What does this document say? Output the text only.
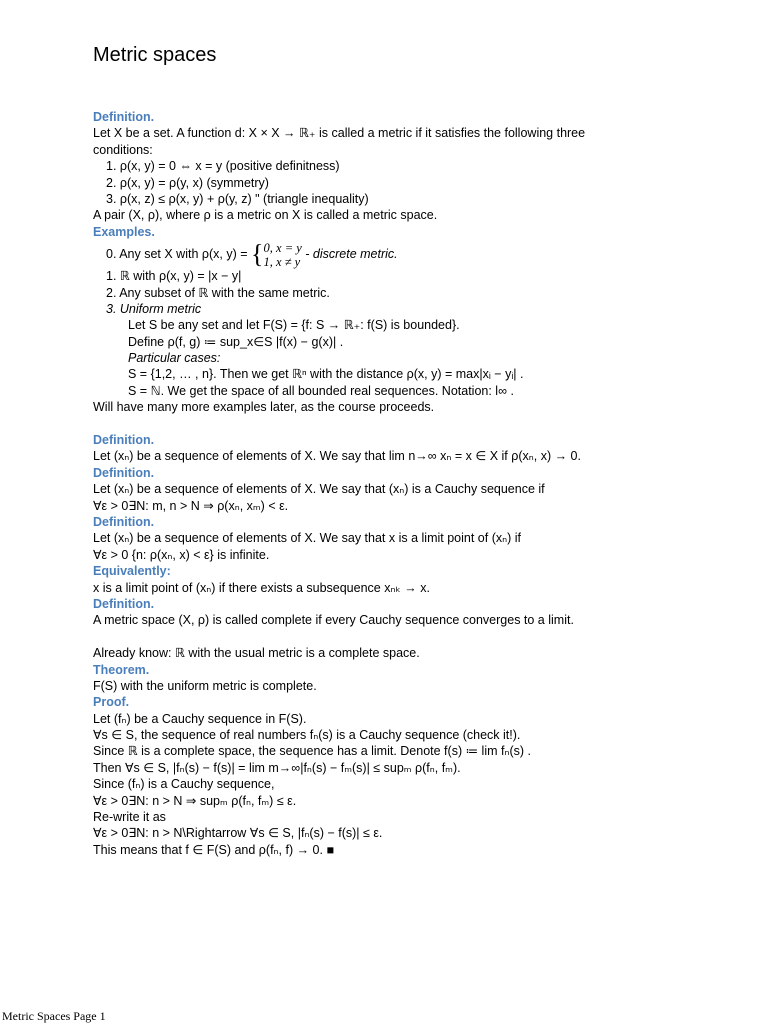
Metric spaces
Definition.
Let X be a set. A function d: X × X → ℝ₊ is called a metric if it satisfies the following three
conditions:
1. ρ(x, y) = 0 ⇔ x = y (positive definitness)
2. ρ(x, y) = ρ(y, x) (symmetry)
3. ρ(x, z) ≤ ρ(x, y) + ρ(y, z) " (triangle inequality)
A pair (X, ρ), where ρ is a metric on X is called a metric space.
Examples.
0. Any set X with ρ(x, y) = {0, x = y
1, x ≠ y - discrete metric.
1. ℝ with ρ(x, y) = |x − y|
2. Any subset of ℝ with the same metric.
3. Uniform metric
Let S be any set and let F(S) = {f: S → ℝ₊: f(S) is bounded}.
Define ρ(f, g) ≔ sup_x∈S |f(x) − g(x)| .
Particular cases:
S = {1,2, … , n}. Then we get ℝⁿ with the distance ρ(x, y) = max|xᵢ − yᵢ| .
S = ℕ. We get the space of all bounded real sequences. Notation: l∞ .
Will have many more examples later, as the course proceeds.
Definition.
Let (xₙ) be a sequence of elements of X. We say that lim n→∞ xₙ = x ∈ X if ρ(xₙ, x) → 0.
Definition.
Let (xₙ) be a sequence of elements of X. We say that (xₙ) is a Cauchy sequence if
∀ε > 0∃N: m, n > N ⇒ ρ(xₙ, xₘ) < ε.
Definition.
Let (xₙ) be a sequence of elements of X. We say that x is a limit point of (xₙ) if
∀ε > 0 {n: ρ(xₙ, x) < ε} is infinite.
Equivalently:
x is a limit point of (xₙ) if there exists a subsequence xₙₖ → x.
Definition.
A metric space (X, ρ) is called complete if every Cauchy sequence converges to a limit.
Already know: ℝ with the usual metric is a complete space.
Theorem.
F(S) with the uniform metric is complete.
Proof.
Let (fₙ) be a Cauchy sequence in F(S).
∀s ∈ S, the sequence of real numbers fₙ(s) is a Cauchy sequence (check it!).
Since ℝ is a complete space, the sequence has a limit. Denote f(s) ≔ lim fₙ(s) .
Then ∀s ∈ S, |fₙ(s) − f(s)| = lim m→∞|fₙ(s) − fₘ(s)| ≤ supₘ ρ(fₙ, fₘ).
Since (fₙ) is a Cauchy sequence,
∀ε > 0∃N: n > N ⇒ supₘ ρ(fₙ, fₘ) ≤ ε.
Re-write it as
∀ε > 0∃N: n > N\Rightarrow ∀s ∈ S, |fₙ(s) − f(s)| ≤ ε.
This means that f ∈ F(S) and ρ(fₙ, f) → 0. ■
Metric Spaces Page 1
